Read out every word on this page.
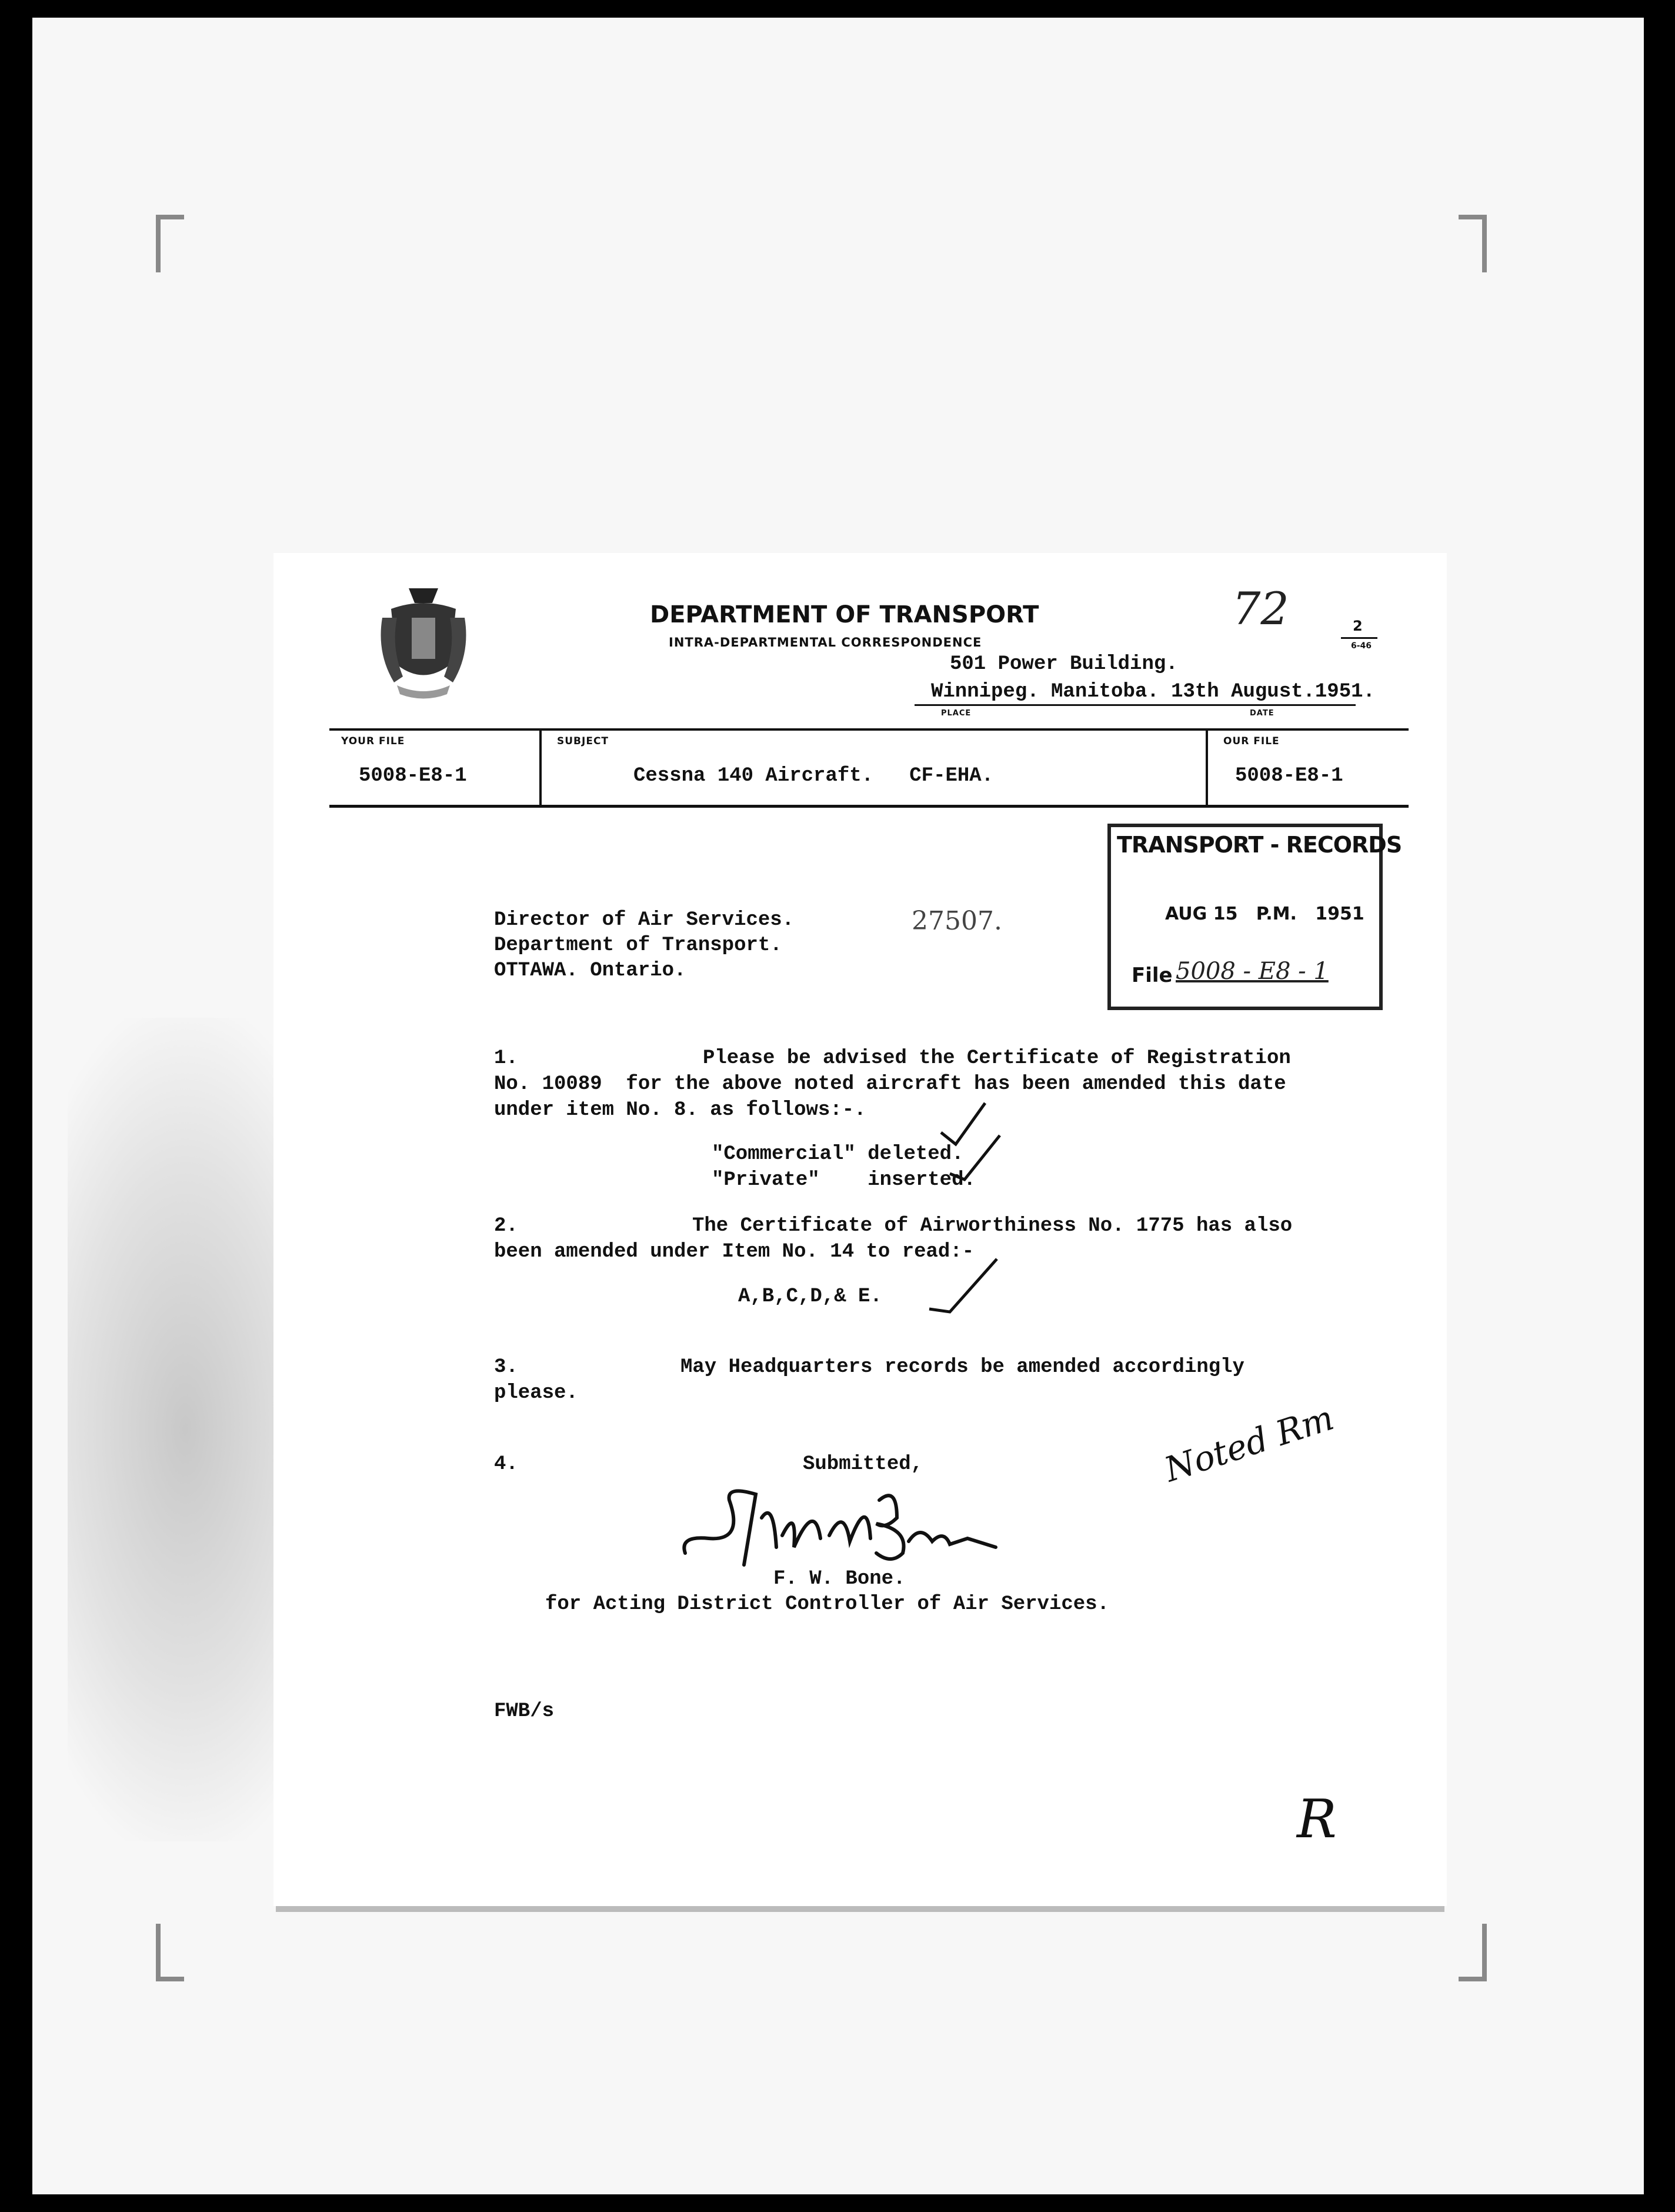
DEPARTMENT OF TRANSPORT
INTRA-DEPARTMENTAL CORRESPONDENCE
72	2
6-46
501 Power Building.
Winnipeg. Manitoba. 13th August.1951.
PLACE	DATE
YOUR FILE
5008-E8-1
SUBJECT
Cessna 140 Aircraft.   CF-EHA.
OUR FILE
5008-E8-1
Director of Air Services.
Department of Transport.
OTTAWA. Ontario.
27507.
TRANSPORT - RECORDS
AUG 15   P.M.   1951
File 5008 - E8 - 1
1.	Please be advised the Certificate of Registration
No. 10089  for the above noted aircraft has been amended this date
under item No. 8. as follows:-.
"Commercial" deleted.
"Private"    inserted.
2.	The Certificate of Airworthiness No. 1775 has also
been amended under Item No. 14 to read:-
A,B,C,D,& E.
3.	May Headquarters records be amended accordingly
please.
4.	Submitted,	Noted Rm
F. W. Bone.
for Acting District Controller of Air Services.
FWB/s
R
